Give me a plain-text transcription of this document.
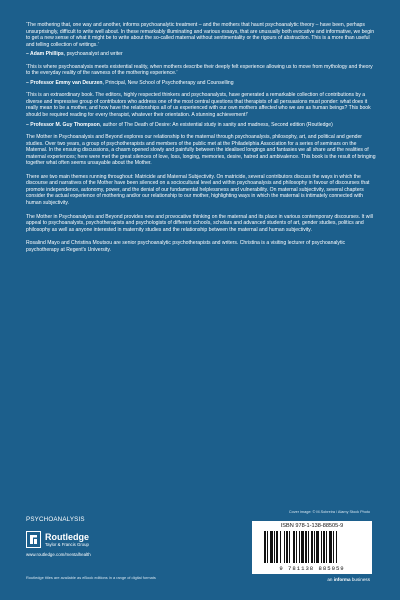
‘The mothering that, one way and another, informs psychoanalytic treatment – and the mothers that haunt psychoanalytic theory – have been, perhaps unsurprisingly, difficult to write well about. In these remarkably illuminating and various essays, that are unusually both evocative and informative, we begin to get a new sense of what it might be to write about the so-called maternal without sentimentality or the rigours of abstraction. This is a more than useful and telling collection of writings.’
– Adam Phillips, psychoanalyst and writer
‘This is where psychoanalysis meets existential reality, when mothers describe their deeply felt experience allowing us to move from mythology and theory to the everyday reality of the rawness of the mothering experience.’
– Professor Emmy van Deurzen, Principal, New School of Psychotherapy and Counselling
‘This is an extraordinary book. The editors, highly respected thinkers and psychoanalysts, have generated a remarkable collection of contributions by a diverse and impressive group of contributors who address one of the most central questions that therapists of all persuasions must ponder: what does it really mean to be a mother, and how have the relationships all of us experienced with our own mothers affected who we are as human beings? This book should be required reading for every therapist, whatever their orientation. A stunning achievement!’
– Professor M. Guy Thompson, author of The Death of Desire: An existential study in sanity and madness, Second edition (Routledge)

The Mother in Psychoanalysis and Beyond explores our relationship to the maternal through psychoanalysis, philosophy, art, and political and gender studies. Over two years, a group of psychotherapists and members of the public met at the Philadelphia Association for a series of seminars on the Maternal. In the ensuing discussions, a chasm opened slowly and painfully between the idealised longings and fantasies we all share and the realities of maternal experiences; here were met the great silences of love, loss, longing, memories, desire, hatred and ambivalence. This book is the result of bringing together what often seems unsayable about the Mother.

There are two main themes running throughout: Matricide and Maternal Subjectivity. On matricide, several contributors discuss the ways in which the discourse and narratives of the Mother have been silenced on a sociocultural level and within psychoanalysis and philosophy in favour of discourses that promote independence, autonomy, power, and the denial of our fundamental helplessness and vulnerability. On maternal subjectivity, several chapters consider the actual experience of mothering and/or our relationship to our mother, highlighting ways in which the maternal is intimately connected with human subjectivity.

The Mother in Psychoanalysis and Beyond provides new and provocative thinking on the maternal and its place in various contemporary discourses. It will appeal to psychoanalysts, psychotherapists and psychologists of different schools, scholars and advanced students of art, gender studies, politics and philosophy as well as anyone interested in maternity studies and the relationship between the maternal and human subjectivity.

Rosalind Mayo and Christina Moutsou are senior psychoanalytic psychotherapists and writers. Christina is a visiting lecturer of psychoanalytic psychotherapy at Regent's University.

PSYCHOANALYSIS
Cover image: © M.Sobreira / Alamy Stock Photo
Routledge
Taylor & Francis Group
www.routledge.com/mentalhealth
Routledge titles are available as eBook editions in a range of digital formats
ISBN 978-1-138-88505-9
9 781138 885059
an informa business
